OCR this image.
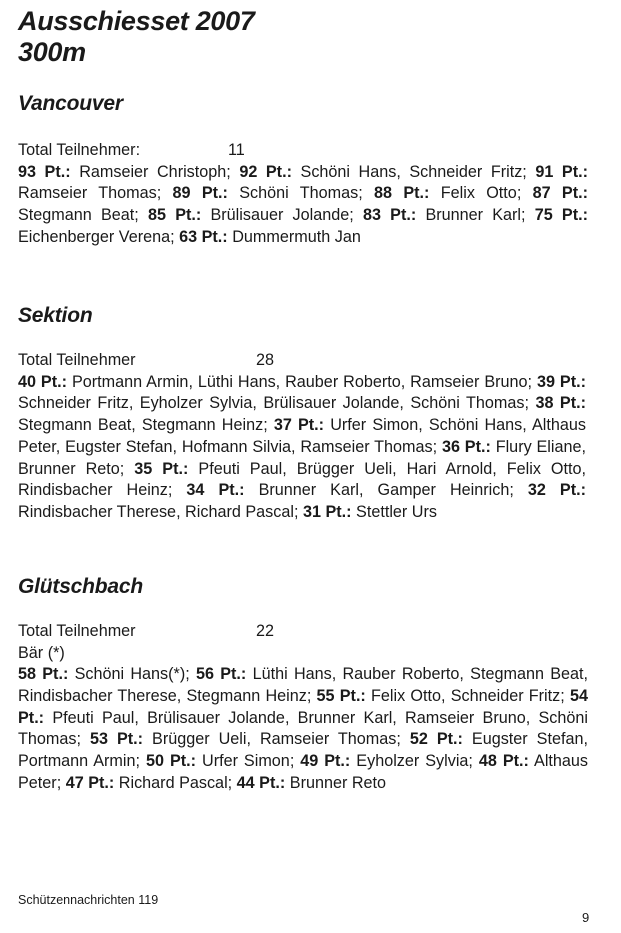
Ausschiesset 2007
300m
Vancouver
Total Teilnehmer:	11

93 Pt.: Ramseier Christoph; 92 Pt.: Schöni Hans, Schneider Fritz; 91 Pt.: Ramseier Thomas; 89 Pt.: Schöni Thomas; 88 Pt.: Felix Otto; 87 Pt.: Stegmann Beat; 85 Pt.: Brülisauer Jolande; 83 Pt.: Brunner Karl; 75 Pt.: Eichenberger Verena; 63 Pt.: Dummermuth Jan

Sektion
Total Teilnehmer	28

40 Pt.: Portmann Armin, Lüthi Hans, Rauber Roberto, Ramseier Bruno; 39 Pt.: Schneider Fritz, Eyholzer Sylvia, Brülisauer Jolande, Schöni Thomas; 38 Pt.: Stegmann Beat, Stegmann Heinz; 37 Pt.: Urfer Simon, Schöni Hans, Althaus Peter, Eugster Stefan, Hofmann Silvia, Ramseier Thomas; 36 Pt.: Flury Eliane, Brunner Reto; 35 Pt.: Pfeuti Paul, Brügger Ueli, Hari Arnold, Felix Otto, Rindisbacher Heinz; 34 Pt.: Brunner Karl, Gamper Heinrich; 32 Pt.: Rindisbacher Therese, Richard Pascal; 31 Pt.: Stettler Urs

Glütschbach
Total Teilnehmer	22
Bär (*)

58 Pt.: Schöni Hans(*); 56 Pt.: Lüthi Hans, Rauber Roberto, Stegmann Beat, Rindisbacher Therese, Stegmann Heinz; 55 Pt.: Felix Otto, Schneider Fritz; 54 Pt.: Pfeuti Paul, Brülisauer Jolande, Brunner Karl, Ramseier Bruno, Schöni Thomas; 53 Pt.: Brügger Ueli, Ramseier Thomas; 52 Pt.: Eugster Stefan, Portmann Armin; 50 Pt.: Urfer Simon; 49 Pt.: Eyholzer Sylvia; 48 Pt.: Althaus Peter; 47 Pt.: Richard Pascal; 44 Pt.: Brunner Reto

Schützennachrichten 119
9
